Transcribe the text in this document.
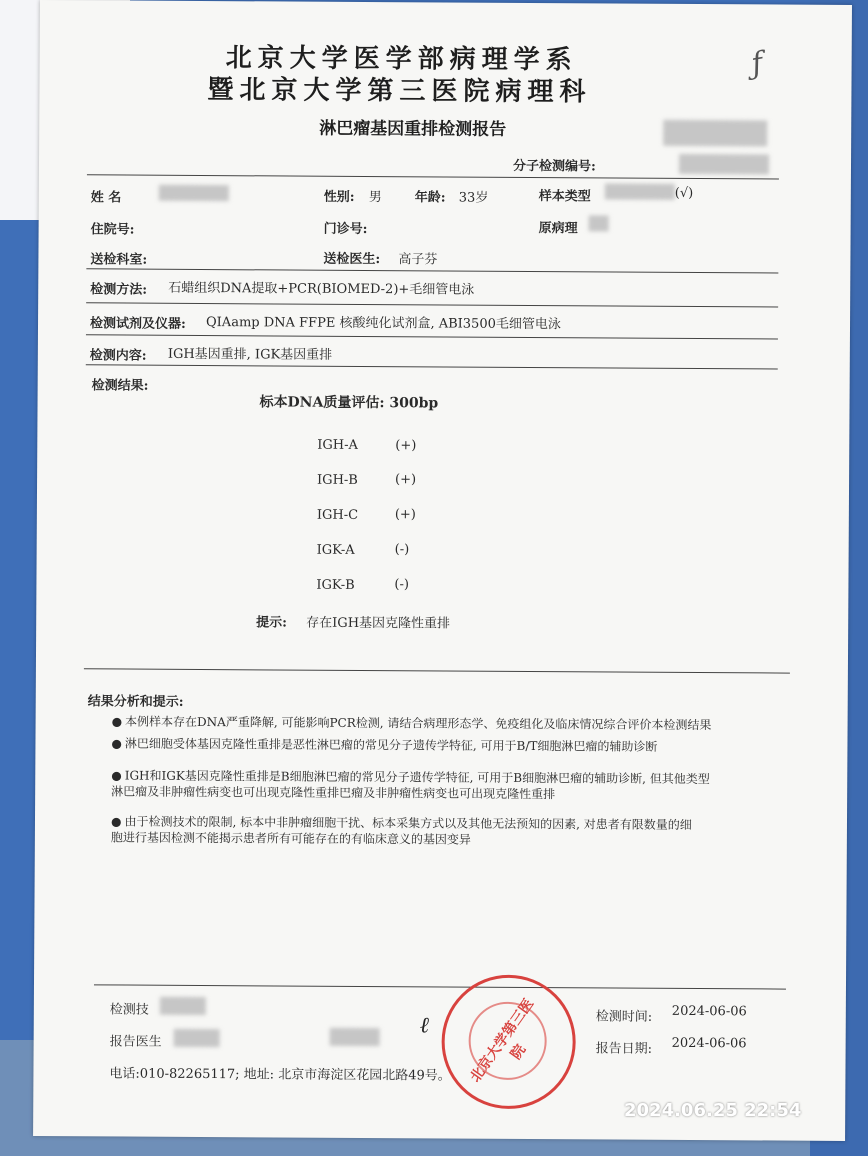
北京大学医学部病理学系
暨北京大学第三医院病理科
ƒ
淋巴瘤基因重排检测报告
分子检测编号:
姓 名	性别: 男	年龄: 33岁	样本类型	(√)
住院号:	门诊号:	原病理
送检科室:	送检医生: 高子芬
检测方法: 石蜡组织DNA提取+PCR(BIOMED-2)+毛细管电泳
检测试剂及仪器: QIAamp DNA FFPE 核酸纯化试剂盒, ABI3500毛细管电泳
检测内容: IGH基因重排, IGK基因重排
检测结果:
标本DNA质量评估: 300bp
IGH-A	(+)
IGH-B	(+)
IGH-C	(+)
IGK-A	(-)
IGK-B	(-)
提示: 存在IGH基因克隆性重排
结果分析和提示:
● 本例样本存在DNA严重降解, 可能影响PCR检测, 请结合病理形态学、免疫组化及临床情况综合评价本检测结果
● 淋巴细胞受体基因克隆性重排是恶性淋巴瘤的常见分子遗传学特征, 可用于B/T细胞淋巴瘤的辅助诊断
● IGH和IGK基因克隆性重排是B细胞淋巴瘤的常见分子遗传学特征, 可用于B细胞淋巴瘤的辅助诊断, 但其他类型
淋巴瘤及非肿瘤性病变也可出现克隆性重排巴瘤及非肿瘤性病变也可出现克隆性重排
● 由于检测技术的限制, 标本中非肿瘤细胞干扰、标本采集方式以及其他无法预知的因素, 对患者有限数量的细
胞进行基因检测不能揭示患者所有可能存在的有临床意义的基因变异
检测技
报告医生
ℓ	北京大学第三医院
检测时间: 2024-06-06
报告日期: 2024-06-06
电话:010-82265117; 地址: 北京市海淀区花园北路49号。
2024.06.25 22:54
